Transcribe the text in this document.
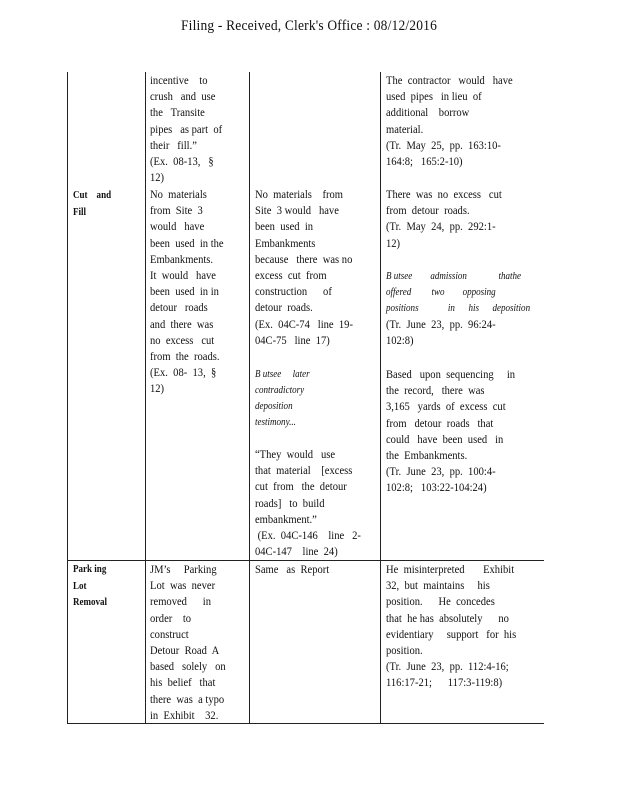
Filing - Received, Clerk's Office : 08/12/2016
incentive    to
crush   and  use
the   Transite
pipes   as part  of
their   fill.”
(Ex.  08-13,   §
12)
The  contractor   would   have
used  pipes   in lieu  of
additional    borrow
material.
(Tr.  May  25,  pp.  163:10-
164:8;   165:2-10)
Cut    and
Fill
No  materials
from  Site  3
would   have
been  used  in the
Embankments.
It  would   have
been  used  in in
detour   roads
and  there  was
no  excess   cut
from  the  roads.
(Ex.  08-  13,  §
12)
No  materials    from
Site  3 would   have
been  used  in
Embankments
because   there  was no
excess  cut  from
construction      of
detour  roads.
(Ex.  04C-74   line  19-
04C-75   line  17)
B utsee     later
contradictory
deposition
testimony...
“They  would   use
that  material    [excess
cut  from   the  detour
roads]   to  build
embankment.”
(Ex.  04C-146    line   2-
04C-147    line  24)
There  was  no  excess   cut
from  detour  roads.
(Tr.  May  24,  pp.  292:1-
12)
B utsee        admission              thathe
offered         two        opposing
positions             in      his      deposition
(Tr.  June  23,  pp.  96:24-
102:8)
Based   upon  sequencing     in
the  record,   there  was
3,165   yards  of  excess  cut
from   detour  roads   that
could   have  been  used   in
the  Embankments.
(Tr.  June  23,  pp.  100:4-
102:8;   103:22-104:24)
Park ing
Lot
Removal
JM’s     Parking
Lot  was  never
removed      in
order    to
construct
Detour  Road  A
based   solely   on
his  belief   that
there  was  a typo
in  Exhibit    32.
Same   as  Report	He  misinterpreted       Exhibit
32,  but  maintains     his
position.      He  concedes
that  he has  absolutely      no
evidentiary     support   for  his
position.
(Tr.  June  23,  pp.  112:4-16;
116:17-21;      117:3-119:8)
